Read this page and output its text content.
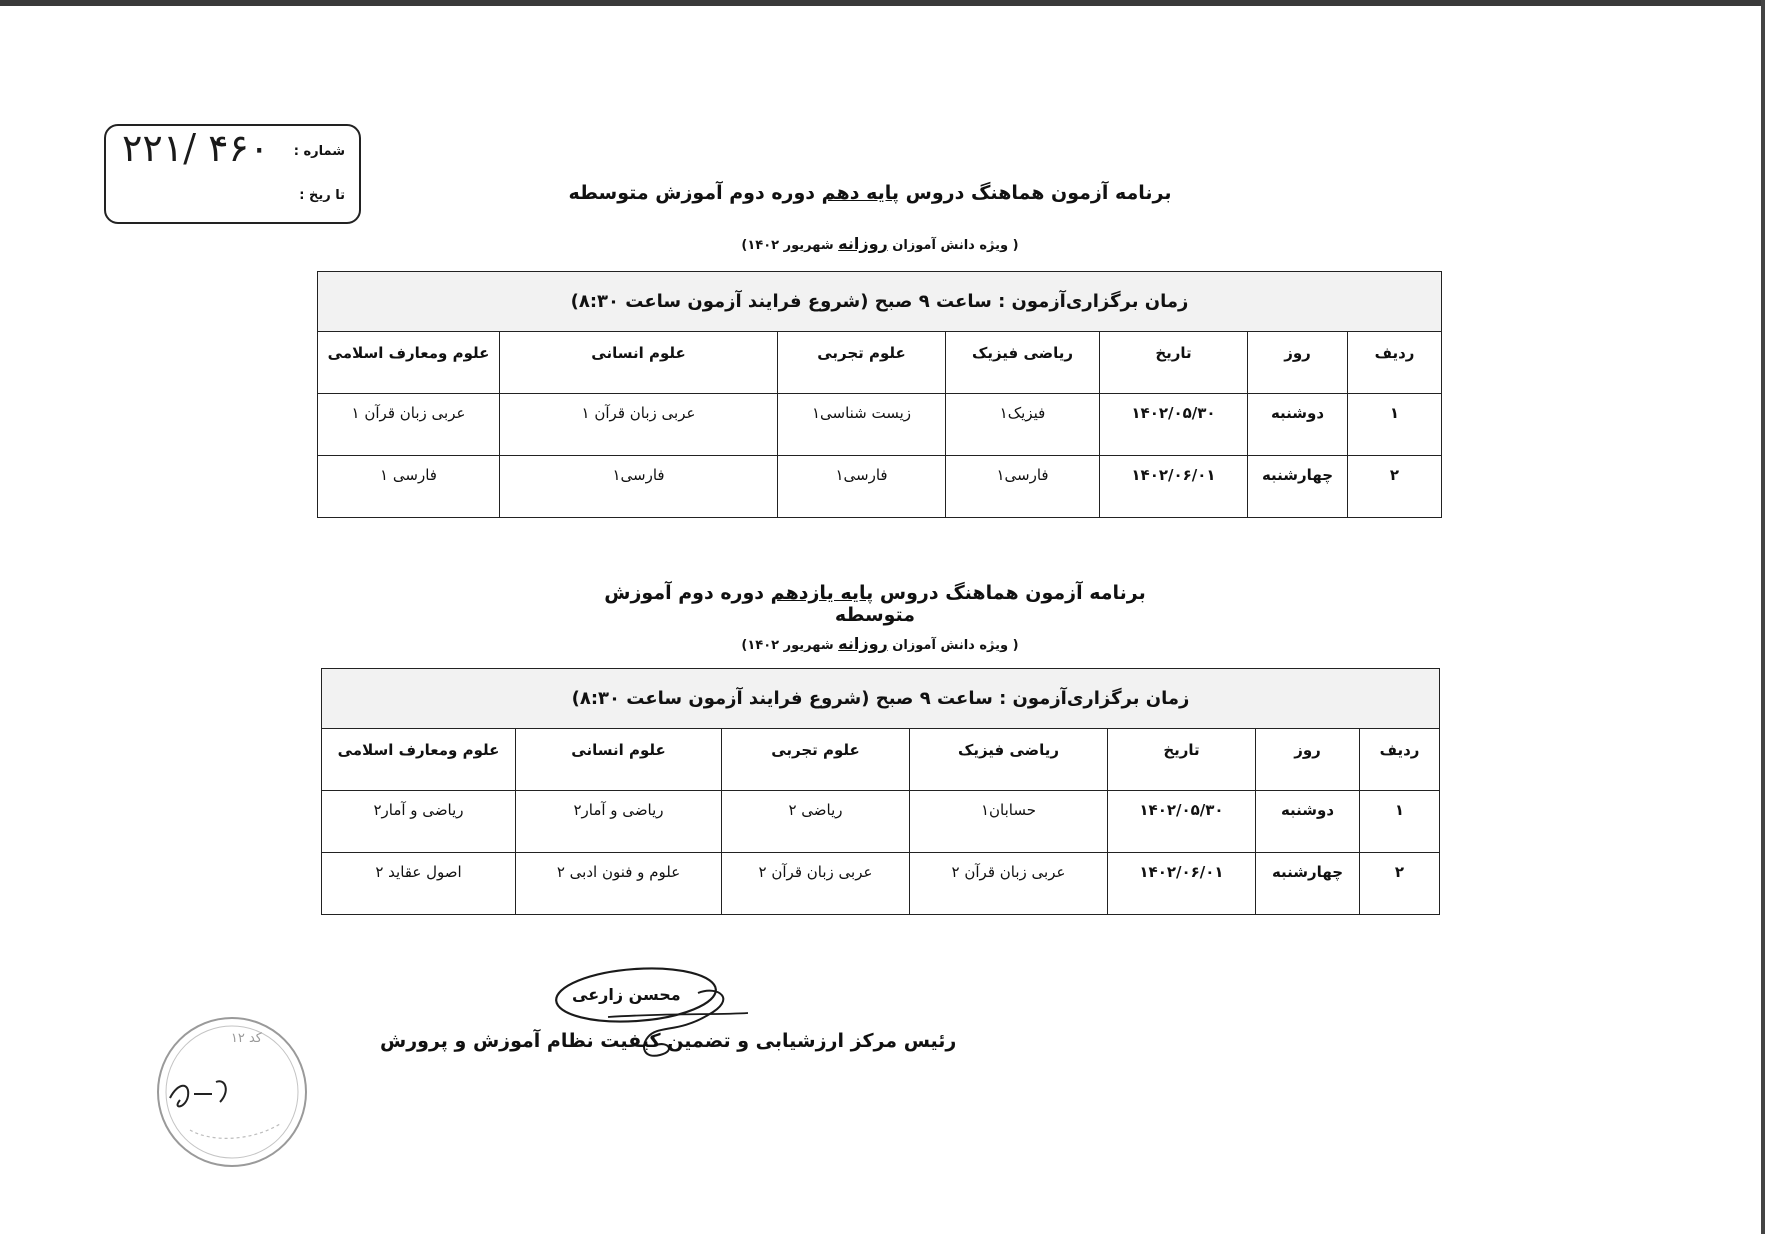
شماره :
تا ریخ :
۴۶۰ /۲۲۱
برنامه آزمون هماهنگ دروس پایه دهم دوره دوم آموزش متوسطه
( ویژه دانش آموزان روزانه شهریور ۱۴۰۲)
زمان برگزاری‌آزمون : ساعت ۹ صبح (شروع فرایند آزمون ساعت ۸:۳۰)						
ردیف	روز	تاریخ	ریاضی فیزیک	علوم تجربی	علوم انسانی	علوم ومعارف اسلامی
۱	دوشنبه	۱۴۰۲/۰۵/۳۰	فیزیک۱	زیست شناسی۱	عربی زبان قرآن ۱	عربی زبان قرآن ۱
۲	چهارشنبه	۱۴۰۲/۰۶/۰۱	فارسی۱	فارسی۱	فارسی۱	فارسی ۱
برنامه آزمون هماهنگ دروس پایه یازدهم دوره دوم آموزش متوسطه
( ویژه دانش آموزان روزانه شهریور ۱۴۰۲)
زمان برگزاری‌آزمون : ساعت ۹ صبح (شروع فرایند آزمون ساعت ۸:۳۰)						
ردیف	روز	تاریخ	ریاضی فیزیک	علوم تجربی	علوم انسانی	علوم ومعارف اسلامی
۱	دوشنبه	۱۴۰۲/۰۵/۳۰	حسابان۱	ریاضی ۲	ریاضی و آمار۲	ریاضی و آمار۲
۲	چهارشنبه	۱۴۰۲/۰۶/۰۱	عربی زبان قرآن ۲	عربی زبان قرآن ۲	علوم و فنون ادبی ۲	اصول عقاید ۲
محسن زارعی
رئیس مرکز ارزشیابی و تضمین کیفیت نظام آموزش و پرورش
کد ۱۲
